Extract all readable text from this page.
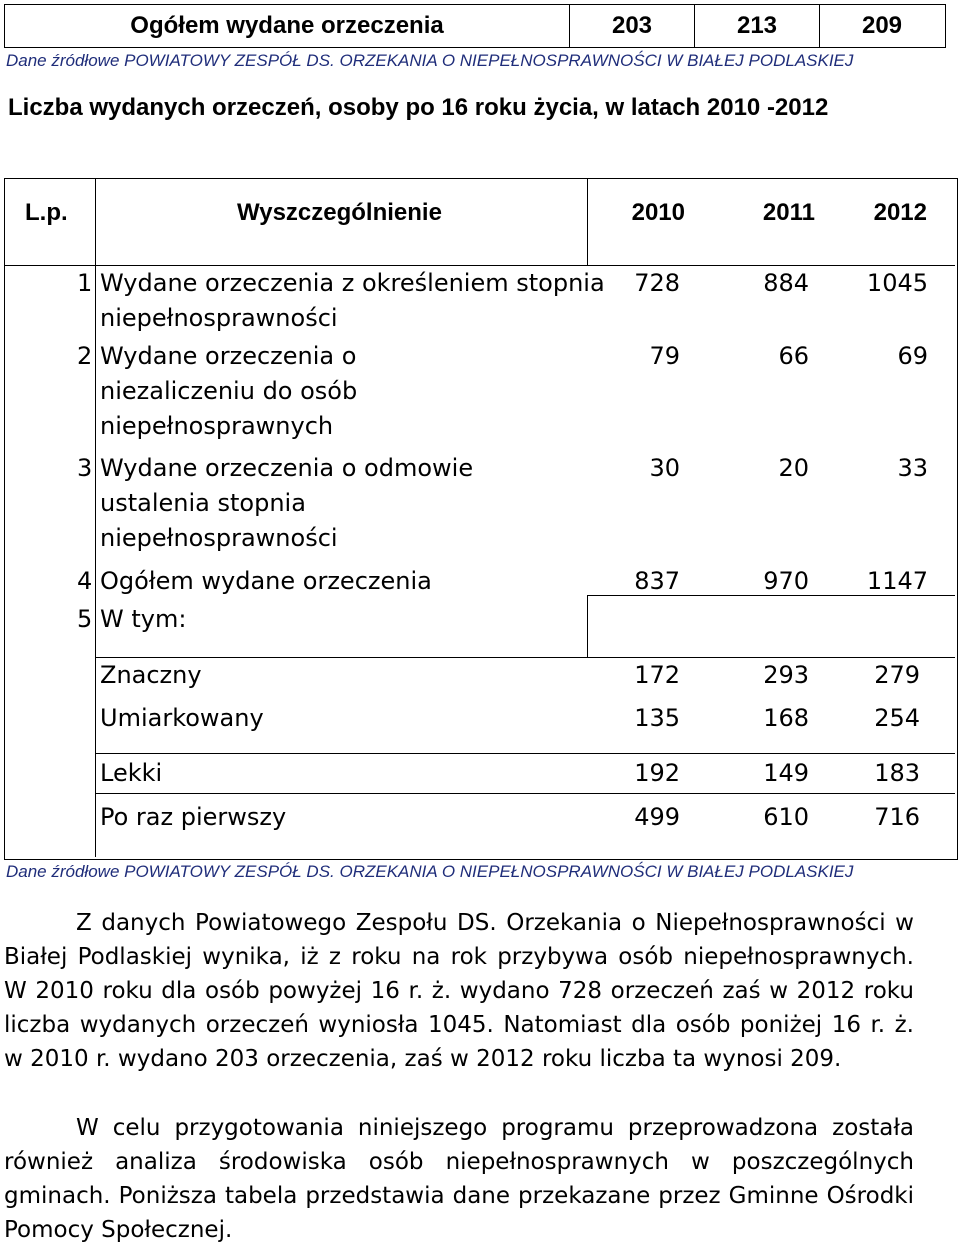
Ogółem wydane orzeczenia	203	213	209
Dane źródłowe POWIATOWY ZESPÓŁ DS. ORZEKANIA O NIEPEŁNOSPRAWNOŚCI W BIAŁEJ PODLASKIEJ
Liczba wydanych orzeczeń, osoby po 16 roku życia, w latach 2010 -2012
L.p.	Wyszczególnienie	2010	2011	2012
1 Wydane orzeczenia z określeniem stopnia
niepełnosprawności
728	884	1045
2 Wydane orzeczenia o
niezaliczeniu do osób
niepełnosprawnych
79	66	69
3 Wydane orzeczenia o odmowie
ustalenia stopnia
niepełnosprawności
30	20	33
4 Ogółem wydane orzeczenia	837	970	1147
5 W tym:
Znaczny	172	293	279
Umiarkowany	135	168	254
Lekki	192	149	183
Po raz pierwszy	499	610	716
Dane źródłowe POWIATOWY ZESPÓŁ DS. ORZEKANIA O NIEPEŁNOSPRAWNOŚCI W BIAŁEJ PODLASKIEJ
Z danych Powiatowego Zespołu DS. Orzekania o Niepełnosprawności w Białej Podlaskiej wynika, iż z roku na rok przybywa osób niepełnosprawnych. W 2010 roku dla osób powyżej 16 r. ż. wydano 728 orzeczeń zaś w 2012 roku liczba wydanych orzeczeń wyniosła 1045. Natomiast dla osób poniżej 16 r. ż. w 2010 r. wydano 203 orzeczenia, zaś w 2012 roku liczba ta wynosi 209.
W celu przygotowania niniejszego programu przeprowadzona została również analiza środowiska osób niepełnosprawnych w poszczególnych gminach. Poniższa tabela przedstawia dane przekazane przez Gminne Ośrodki Pomocy Społecznej.
